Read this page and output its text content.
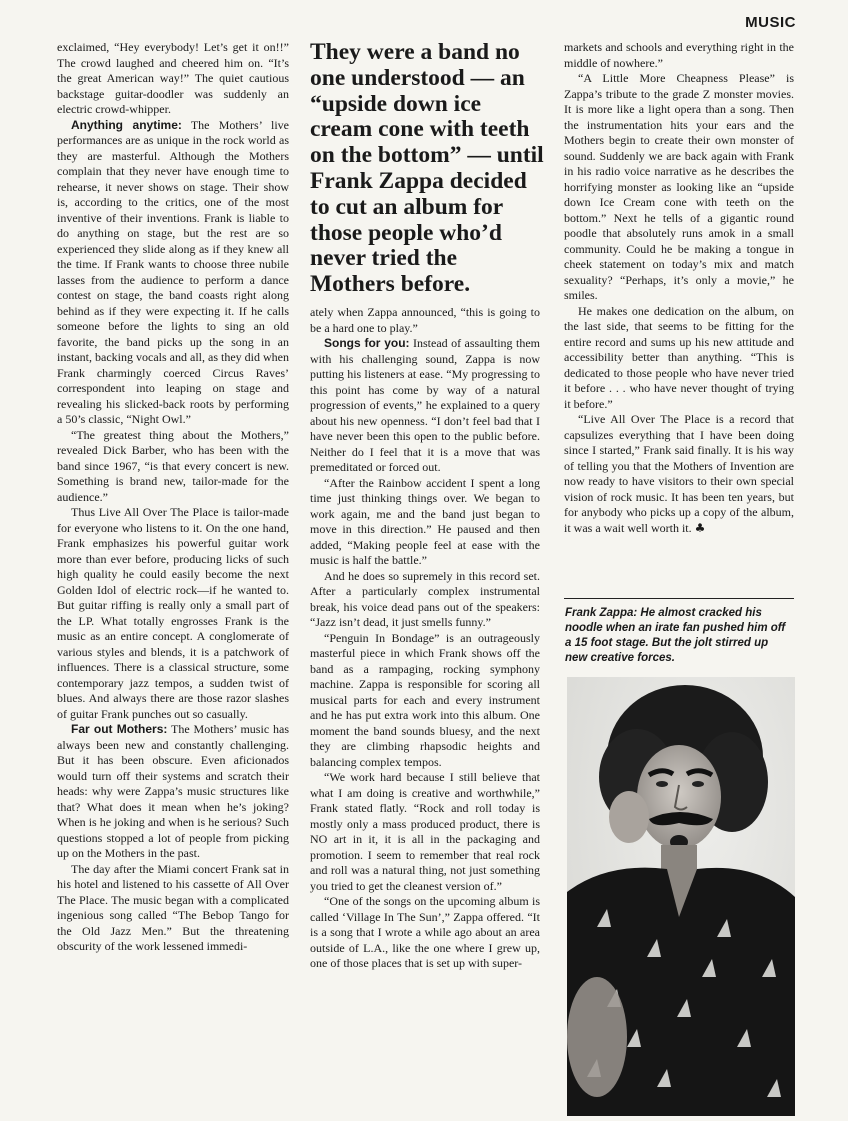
MUSIC

exclaimed, “Hey everybody! Let’s get it on!!” The crowd laughed and cheered him on. “It’s the great American way!” The quiet cautious backstage guitar-doodler was suddenly an electric crowd-whipper.

Anything anytime: The Mothers’ live performances are as unique in the rock world as they are masterful. Although the Mothers complain that they never have enough time to rehearse, it never shows on stage. Their show is, according to the critics, one of the most inventive of their inventions. Frank is liable to do anything on stage, but the rest are so experienced they slide along as if they knew all the time. If Frank wants to choose three nubile lasses from the audience to perform a dance contest on stage, the band coasts right along behind as if they were expecting it. If he calls someone before the lights to sing an old favorite, the band picks up the song in an instant, backing vocals and all, as they did when Frank charmingly coerced Circus Raves’ correspondent into leaping on stage and revealing his slicked-back roots by performing a 50’s classic, “Night Owl.”

“The greatest thing about the Mothers,” revealed Dick Barber, who has been with the band since 1967, “is that every concert is new. Something is brand new, tailor-made for the audience.”

Thus Live All Over The Place is tailor-made for everyone who listens to it. On the one hand, Frank emphasizes his powerful guitar work more than ever before, producing licks of such high quality he could easily become the next Golden Idol of electric rock—if he wanted to. But guitar riffing is really only a small part of the LP. What totally engrosses Frank is the music as an entire concept. A conglomerate of various styles and blends, it is a patchwork of influences. There is a classical structure, some contemporary jazz tempos, a sudden twist of blues. And always there are those razor slashes of guitar Frank punches out so casually.

Far out Mothers: The Mothers’ music has always been new and constantly challenging. But it has been obscure. Even aficionados would turn off their systems and scratch their heads: why were Zappa’s music structures like that? What does it mean when he’s joking? When is he joking and when is he serious? Such questions stopped a lot of people from picking up on the Mothers in the past.

The day after the Miami concert Frank sat in his hotel and listened to his cassette of All Over The Place. The music began with a complicated ingenious song called “The Bebop Tango for the Old Jazz Men.” But the threatening obscurity of the work lessened immedi-

They were a band no one understood — an “upside down ice cream cone with teeth on the bottom” — until Frank Zappa decided to cut an album for those people who’d never tried the Mothers before.

ately when Zappa announced, “this is going to be a hard one to play.”

Songs for you: Instead of assaulting them with his challenging sound, Zappa is now putting his listeners at ease. “My progressing to this point has come by way of a natural progression of events,” he explained to a query about his new openness. “I don’t feel bad that I have never been this open to the public before. Neither do I feel that it is a move that was premeditated or forced out.

“After the Rainbow accident I spent a long time just thinking things over. We began to work again, me and the band just began to move in this direction.” He paused and then added, “Making people feel at ease with the music is half the battle.”

And he does so supremely in this record set. After a particularly complex instrumental break, his voice dead pans out of the speakers: “Jazz isn’t dead, it just smells funny.”

“Penguin In Bondage” is an outrageously masterful piece in which Frank shows off the band as a rampaging, rocking symphony machine. Zappa is responsible for scoring all musical parts for each and every instrument and he has put extra work into this album. One moment the band sounds bluesy, and the next they are climbing rhapsodic heights and balancing complex tempos.

“We work hard because I still believe that what I am doing is creative and worthwhile,” Frank stated flatly. “Rock and roll today is mostly only a mass produced product, there is NO art in it, it is all in the packaging and promotion. I seem to remember that real rock and roll was a natural thing, not just something you tried to get the cleanest version of.”

“One of the songs on the upcoming album is called ‘Village In The Sun’,” Zappa offered. “It is a song that I wrote a while ago about an area outside of L.A., like the one where I grew up, one of those places that is set up with super-

markets and schools and everything right in the middle of nowhere.”

“A Little More Cheapness Please” is Zappa’s tribute to the grade Z monster movies. It is more like a light opera than a song. Then the instrumentation hits your ears and the Mothers begin to create their own monster of sound. Suddenly we are back again with Frank in his radio voice narrative as he describes the horrifying monster as looking like an “upside down Ice Cream cone with teeth on the bottom.” Next he tells of a gigantic round poodle that absolutely runs amok in a small community. Could he be making a tongue in cheek statement on today’s mix and match sexuality? “Perhaps, it’s only a movie,” he smiles.

He makes one dedication on the album, on the last side, that seems to be fitting for the entire record and sums up his new attitude and accessibility better than anything. “This is dedicated to those people who have never tried it before . . . who have never thought of trying it before.”

“Live All Over The Place is a record that capsulizes everything that I have been doing since I started,” Frank said finally. It is his way of telling you that the Mothers of Invention are now ready to have visitors to their own special vision of rock music. It has been ten years, but for anybody who picks up a copy of the album, it was a wait well worth it. ♣

Frank Zappa: He almost cracked his noodle when an irate fan pushed him off a 15 foot stage. But the jolt stirred up new creative forces.
